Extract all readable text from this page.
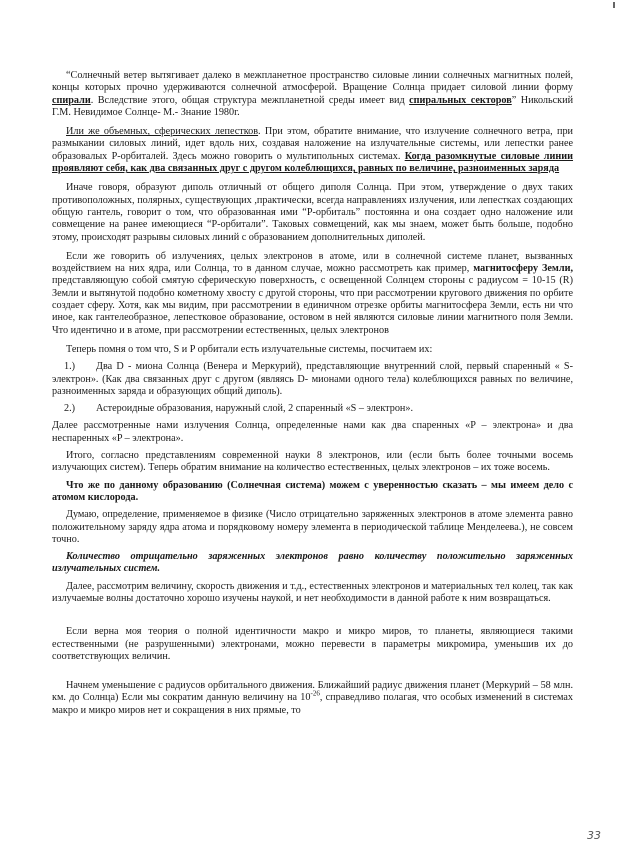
“Солнечный ветер вытягивает далеко в межпланетное пространство силовые линии солнечных магнитных полей, концы которых прочно удерживаются солнечной атмосферой. Вращение Солнца придает силовой линии форму спирали. Вследствие этого, общая структура межпланетной среды имеет вид спиральных секторов” Никольский Г.М. Невидимое Солнце- М.- Знание 1980г.

Или же объемных, сферических лепестков. При этом, обратите внимание, что излучение солнечного ветра, при размыкании силовых линий, идет вдоль них, создавая наложение на излучательные системы, или лепестки ранее образовалых P-орбиталей. Здесь можно говорить о мультипольных системах. Когда разомкнутые силовые линии проявляют себя, как два связанных друг с другом колеблющихся, равных по величине, разноименных заряда

Иначе говоря, образуют диполь отличный от общего диполя Солнца. При этом, утверждение о двух таких противоположных, полярных, существующих ,практически, всегда направлениях излучения, или лепестках создающих общую гантель, говорит о том, что образованная ими “P-орбиталь” постоянна и она создает одно наложение или совмещение на ранее имеющиеся “P-орбитали”. Таковых совмещений, как мы знаем, может быть больше, подобно этому, происходят разрывы силовых линий с образованием дополнительных диполей.

Если же говорить об излучениях, целых электронов в атоме, или в солнечной системе планет, вызванных воздействием на них ядра, или Солнца, то в данном случае, можно рассмотреть как пример, магнитосферу Земли, представляющую собой смятую сферическую поверхность, с освещенной Солнцем стороны с радиусом = 10-15 (R) Земли и вытянутой подобно кометному хвосту с другой стороны, что при рассмотрении кругового движения по орбите создает сферу. Хотя, как мы видим, при рассмотрении в единичном отрезке орбиты магнитосфера Земли, есть ни что иное, как гантелеобразное, лепестковое образование, остовом в ней являются силовые линии магнитного поля Земли. Что идентично и в атоме, при рассмотрении естественных, целых электронов

Теперь помня о том что, S и P орбитали есть излучательные системы, посчитаем их:

1.) Два D - миона Солнца (Венера и Меркурий), представляющие внутренний слой, первый спаренный « S-электрон». (Как два связанных друг с другом (являясь D- мионами одного тела) колеблющихся равных по величине, разноименных заряда и образующих общий диполь).
2.) Астероидные образования, наружный слой, 2 спаренный «S – электрон».

Далее рассмотренные нами излучения Солнца, определенные нами как два спаренных «P – электрона» и два неспаренных «P – электрона».

Итого, согласно представлениям современной науки 8 электронов, или (если быть более точными восемь излучающих систем). Теперь обратим внимание на количество естественных, целых электронов – их тоже восемь.

Что же по данному образованию (Солнечная система) можем с уверенностью сказать – мы имеем дело с атомом кислорода.

Думаю, определение, применяемое в физике (Число отрицательно заряженных электронов в атоме элемента равно положительному заряду ядра атома и порядковому номеру элемента в периодической таблице Менделеева.), не совсем точно.

Количество отрицательно заряженных электронов равно количеству положительно заряженных излучательных систем.

Далее, рассмотрим величину, скорость движения и т.д., естественных электронов и материальных тел колец, так как излучаемые волны достаточно хорошо изучены наукой, и нет необходимости в данной работе к ним возвращаться.

Если верна моя теория о полной идентичности макро и микро миров, то планеты, являющиеся такими естественными (не разрушенными) электронами, можно перевести в параметры микромира, уменьшив их до соответствующих величин.

Начнем уменьшение с радиусов орбитального движения. Ближайший радиус движения планет (Меркурий – 58 млн. км. до Солнца) Если мы сократим данную величину на $10^{-26}$, справедливо полагая, что особых изменений в системах макро и микро миров нет и сокращения в них прямые, то

33
